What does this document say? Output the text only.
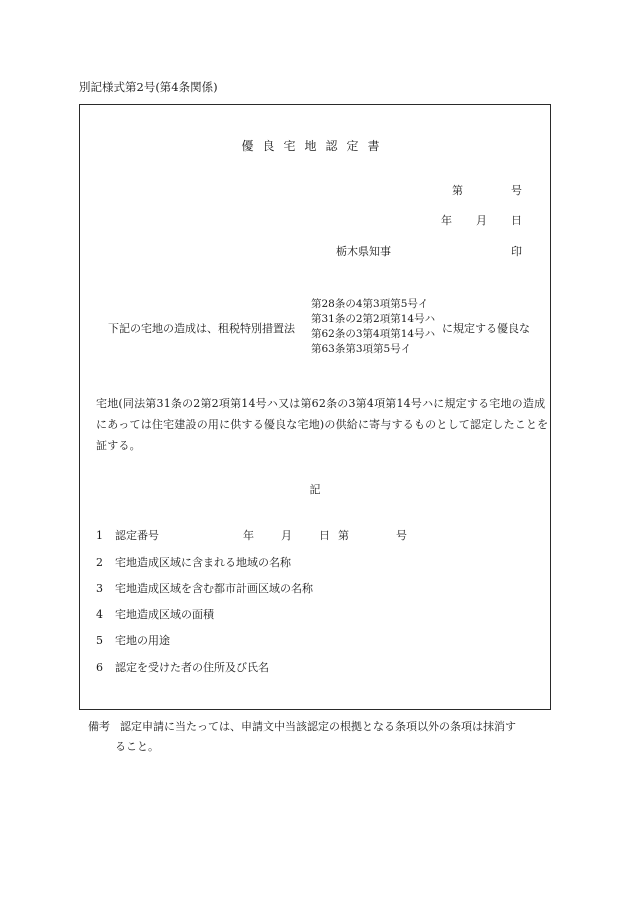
別記様式第2号(第4条関係)
優良宅地認定書
第	号
年 月 日
栃木県知事	印
下記の宅地の造成は、租税特別措置法
第28条の4第3項第5号イ
第31条の2第2項第14号ハ
第62条の3第4項第14号ハ
第63条第3項第5号イ
に規定する優良な
宅地(同法第31条の2第2項第14号ハ又は第62条の3第4項第14号ハに規定する宅地の造成にあっては住宅建設の用に供する優良な宅地)の供給に寄与するものとして認定したことを証する。
記
1 認定番号	年 月 日 第	号
2 宅地造成区域に含まれる地域の名称
3 宅地造成区域を含む都市計画区域の名称
4 宅地造成区域の面積
5 宅地の用途
6 認定を受けた者の住所及び氏名
備考 認定申請に当たっては、申請文中当該認定の根拠となる条項以外の条項は抹消す
ること。
